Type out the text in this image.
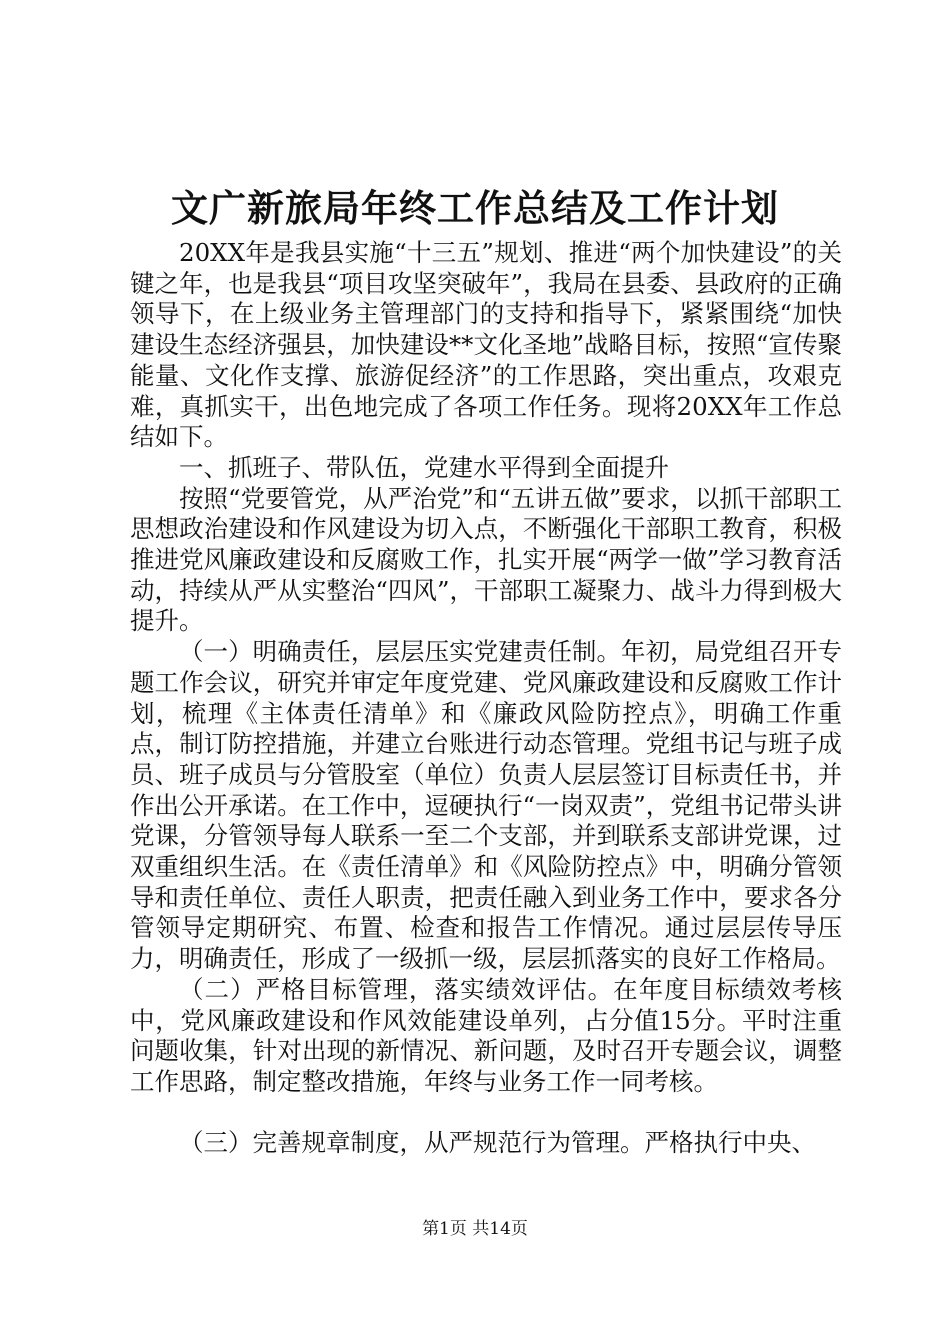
文广新旅局年终工作总结及工作计划

20XX年是我县实施“十三五”规划、推进“两个加快建设”的关键之年，也是我县“项目攻坚突破年”，我局在县委、县政府的正确领导下，在上级业务主管理部门的支持和指导下，紧紧围绕“加快建设生态经济强县，加快建设**文化圣地”战略目标，按照“宣传聚能量、文化作支撑、旅游促经济”的工作思路，突出重点，攻艰克难，真抓实干，出色地完成了各项工作任务。现将20XX年工作总结如下。

一、抓班子、带队伍，党建水平得到全面提升

按照“党要管党，从严治党”和“五讲五做”要求，以抓干部职工思想政治建设和作风建设为切入点，不断强化干部职工教育，积极推进党风廉政建设和反腐败工作，扎实开展“两学一做”学习教育活动，持续从严从实整治“四风”，干部职工凝聚力、战斗力得到极大提升。

（一）明确责任，层层压实党建责任制。年初，局党组召开专题工作会议，研究并审定年度党建、党风廉政建设和反腐败工作计划，梳理《主体责任清单》和《廉政风险防控点》，明确工作重点，制订防控措施，并建立台账进行动态管理。党组书记与班子成员、班子成员与分管股室（单位）负责人层层签订目标责任书，并作出公开承诺。在工作中，逗硬执行“一岗双责”，党组书记带头讲党课，分管领导每人联系一至二个支部，并到联系支部讲党课，过双重组织生活。在《责任清单》和《风险防控点》中，明确分管领导和责任单位、责任人职责，把责任融入到业务工作中，要求各分管领导定期研究、布置、检查和报告工作情况。通过层层传导压力，明确责任，形成了一级抓一级，层层抓落实的良好工作格局。

（二）严格目标管理，落实绩效评估。在年度目标绩效考核中，党风廉政建设和作风效能建设单列，占分值15分。平时注重问题收集，针对出现的新情况、新问题，及时召开专题会议，调整工作思路，制定整改措施，年终与业务工作一同考核。

（三）完善规章制度，从严规范行为管理。严格执行中央、

第1页 共14页
